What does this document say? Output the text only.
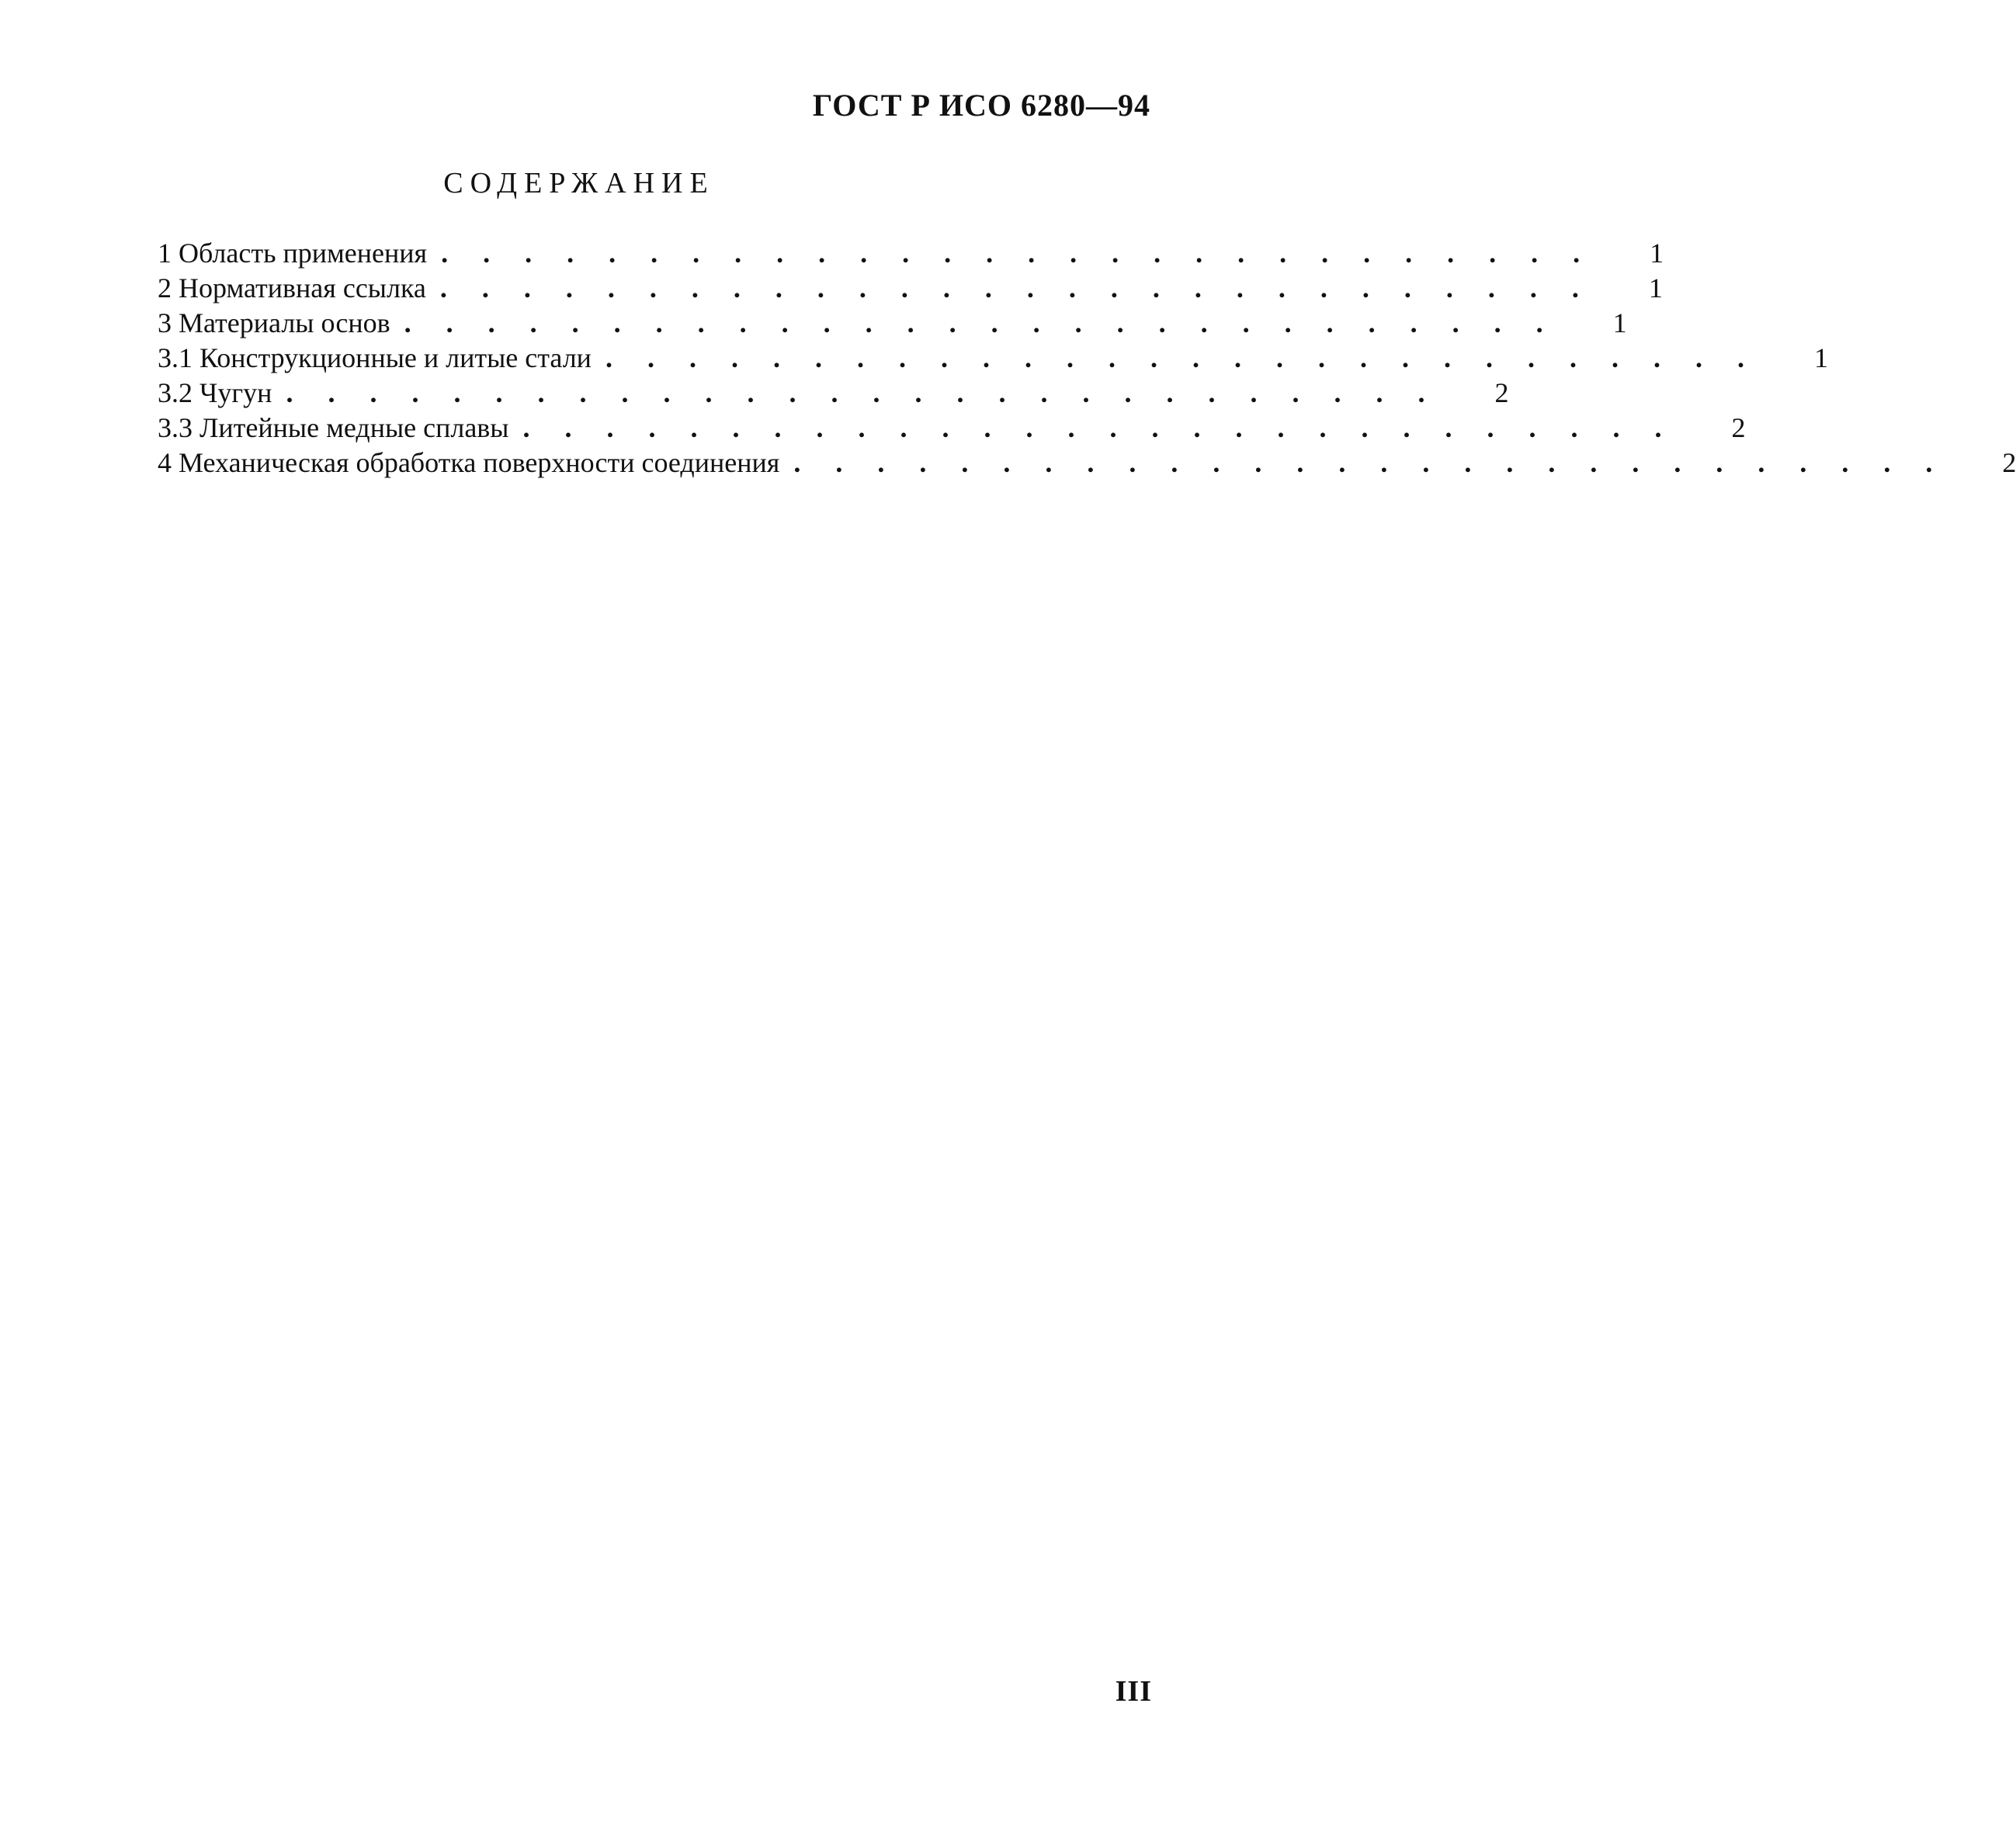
ГОСТ Р ИСО 6280—94
СОДЕРЖАНИЕ
1 Область применения . . . . . . . . . . . . . . . . . . . . . . . . . . . .	1
2 Нормативная ссылка . . . . . . . . . . . . . . . . . . . . . . . . . . . .	1
3 Материалы основ . . . . . . . . . . . . . . . . . . . . . . . . . . . .	1
3.1 Конструкционные и литые стали . . . . . . . . . . . . . . . . . . . . . . . . . . . .	1
3.2 Чугун . . . . . . . . . . . . . . . . . . . . . . . . . . . .	2
3.3 Литейные медные сплавы . . . . . . . . . . . . . . . . . . . . . . . . . . . .	2
4 Механическая обработка поверхности соединения . . . . . . . . . . . . . . . . . . . . . . . . . . . .	2
III
